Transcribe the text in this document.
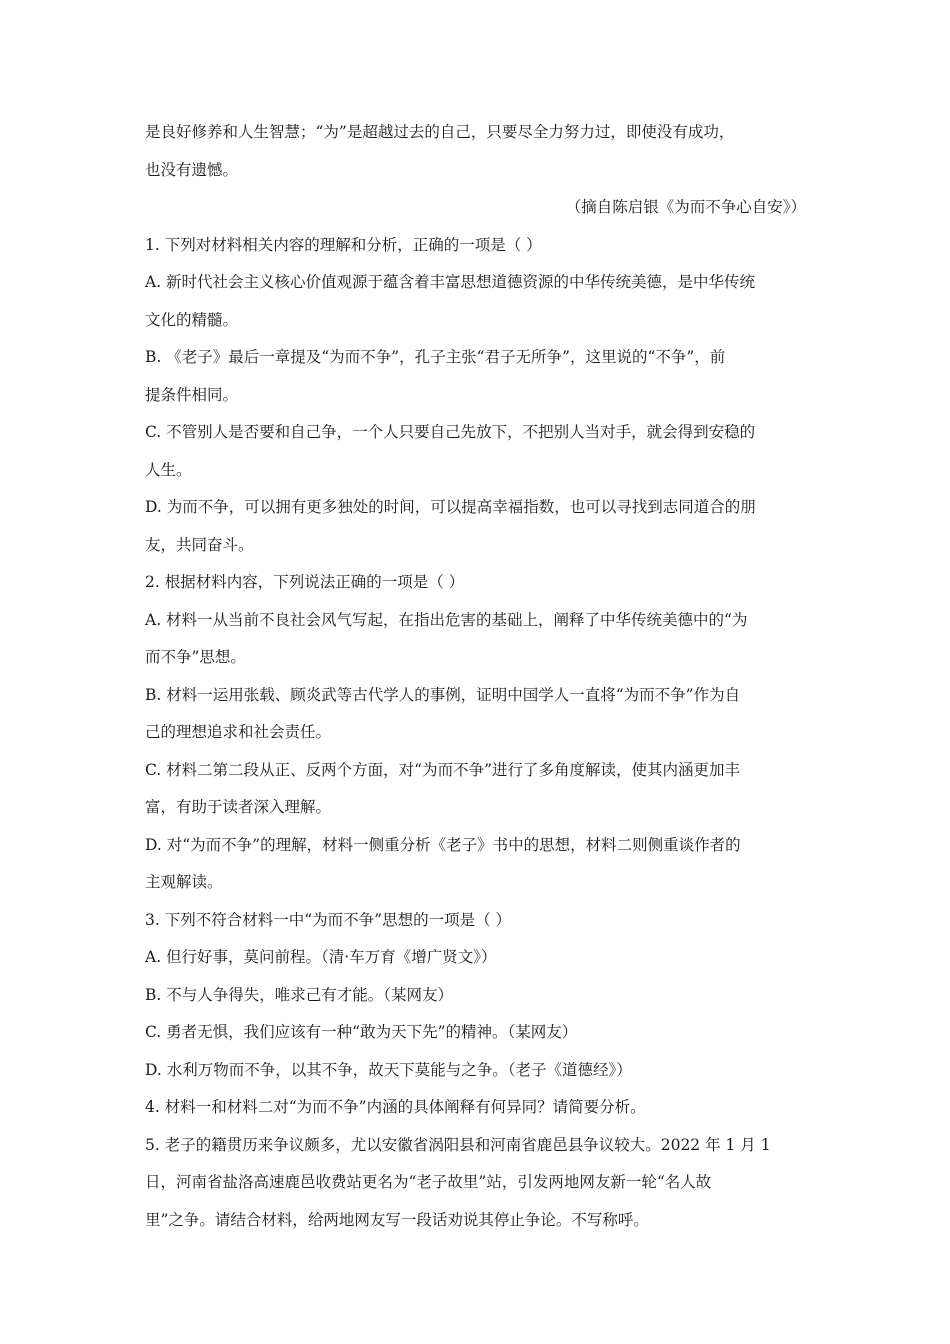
是良好修养和人生智慧；“为”是超越过去的自己，只要尽全力努力过，即使没有成功，

也没有遗憾。

（摘自陈启银《为而不争心自安》）

1. 下列对材料相关内容的理解和分析，正确的一项是（ ）

A. 新时代社会主义核心价值观源于蕴含着丰富思想道德资源的中华传统美德，是中华传统

文化的精髓。

B. 《老子》最后一章提及“为而不争”，孔子主张“君子无所争”，这里说的“不争”，前

提条件相同。

C. 不管别人是否要和自己争，一个人只要自己先放下，不把别人当对手，就会得到安稳的

人生。

D. 为而不争，可以拥有更多独处的时间，可以提高幸福指数，也可以寻找到志同道合的朋

友，共同奋斗。

2. 根据材料内容，下列说法正确的一项是（ ）

A. 材料一从当前不良社会风气写起，在指出危害的基础上，阐释了中华传统美德中的“为

而不争”思想。

B. 材料一运用张载、顾炎武等古代学人的事例，证明中国学人一直将“为而不争”作为自

己的理想追求和社会责任。

C. 材料二第二段从正、反两个方面，对“为而不争”进行了多角度解读，使其内涵更加丰

富，有助于读者深入理解。

D. 对“为而不争”的理解，材料一侧重分析《老子》书中的思想，材料二则侧重谈作者的

主观解读。

3. 下列不符合材料一中“为而不争”思想的一项是（ ）

A. 但行好事，莫问前程。（清·车万育《增广贤文》）

B. 不与人争得失，唯求己有才能。（某网友）

C. 勇者无惧，我们应该有一种“敢为天下先”的精神。（某网友）

D. 水利万物而不争，以其不争，故天下莫能与之争。（老子《道德经》）

4. 材料一和材料二对“为而不争”内涵的具体阐释有何异同？请简要分析。

5. 老子的籍贯历来争议颇多，尤以安徽省涡阳县和河南省鹿邑县争议较大。2022 年 1 月 1

日，河南省盐洛高速鹿邑收费站更名为“老子故里”站，引发两地网友新一轮“名人故

里”之争。请结合材料，给两地网友写一段话劝说其停止争论。不写称呼。
